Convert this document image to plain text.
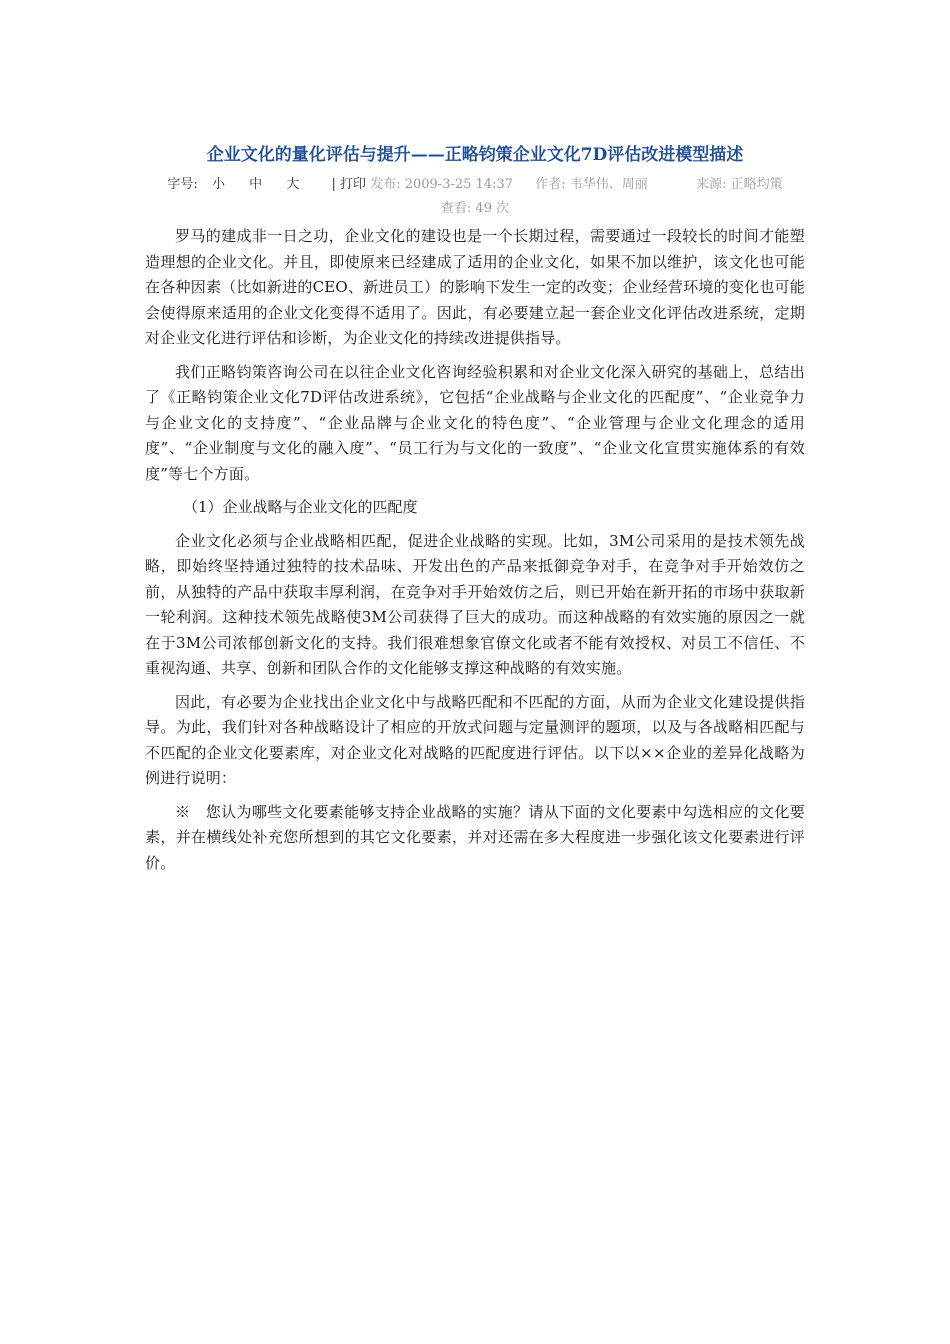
企业文化的量化评估与提升——正略钧策企业文化7D评估改进模型描述
字号: 小 中 大 | 打印 发布: 2009-3-25 14:37 作者: 韦华伟、周丽	来源: 正略均策
查看: 49 次

罗马的建成非一日之功，企业文化的建设也是一个长期过程，需要通过一段较长的时间才能塑造理想的企业文化。并且，即使原来已经建成了适用的企业文化，如果不加以维护，该文化也可能在各种因素（比如新进的CEO、新进员工）的影响下发生一定的改变；企业经营环境的变化也可能会使得原来适用的企业文化变得不适用了。因此，有必要建立起一套企业文化评估改进系统，定期对企业文化进行评估和诊断，为企业文化的持续改进提供指导。

我们正略钧策咨询公司在以往企业文化咨询经验积累和对企业文化深入研究的基础上，总结出了《正略钧策企业文化7D评估改进系统》，它包括“企业战略与企业文化的匹配度”、“企业竞争力与企业文化的支持度”、“企业品牌与企业文化的特色度”、“企业管理与企业文化理念的适用度”、“企业制度与文化的融入度”、“员工行为与文化的一致度”、“企业文化宣贯实施体系的有效度”等七个方面。

（1）企业战略与企业文化的匹配度

企业文化必须与企业战略相匹配，促进企业战略的实现。比如，3M公司采用的是技术领先战略，即始终坚持通过独特的技术品味、开发出色的产品来抵御竞争对手，在竞争对手开始效仿之前，从独特的产品中获取丰厚利润，在竞争对手开始效仿之后，则已开始在新开拓的市场中获取新一轮利润。这种技术领先战略使3M公司获得了巨大的成功。而这种战略的有效实施的原因之一就在于3M公司浓郁创新文化的支持。我们很难想象官僚文化或者不能有效授权、对员工不信任、不重视沟通、共享、创新和团队合作的文化能够支撑这种战略的有效实施。

因此，有必要为企业找出企业文化中与战略匹配和不匹配的方面，从而为企业文化建设提供指导。为此，我们针对各种战略设计了相应的开放式问题与定量测评的题项，以及与各战略相匹配与不匹配的企业文化要素库，对企业文化对战略的匹配度进行评估。以下以××企业的差异化战略为例进行说明：

※　您认为哪些文化要素能够支持企业战略的实施？请从下面的文化要素中勾选相应的文化要素，并在横线处补充您所想到的其它文化要素，并对还需在多大程度进一步强化该文化要素进行评价。
